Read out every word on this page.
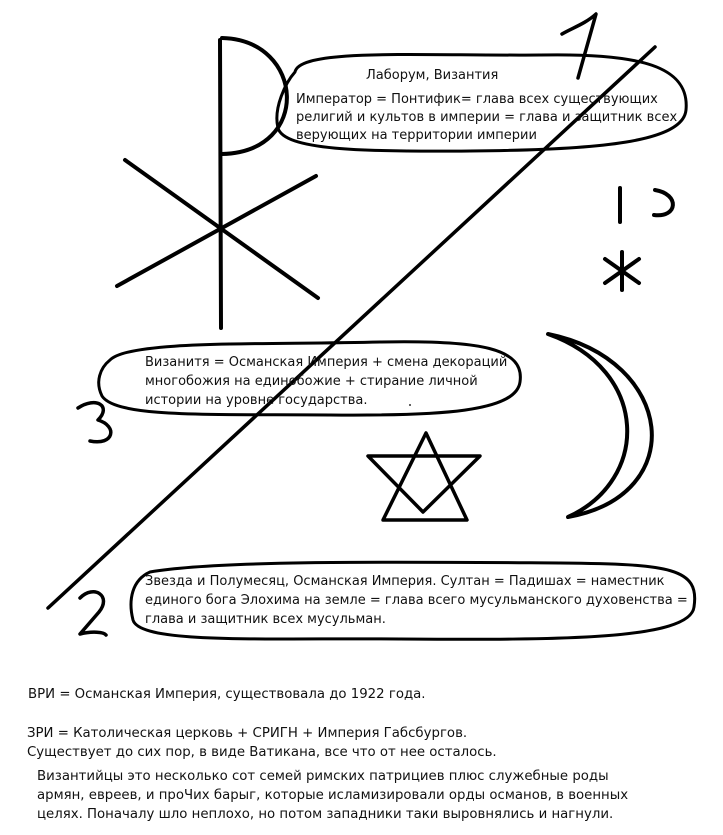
Лаборум, Византия
Император = Понтифик= глава всех существующих
религий и культов в империи = глава и защитник всех
верующих на территории империи
Визанитя = Османская Империя + смена декораций
многобожия на единобожие + стирание личной
истории на уровне государства.
Звезда и Полумесяц, Османская Империя. Султан = Падишах = наместник
единого бога Элохима на земле = глава всего мусульманского духовенства =
глава и защитник всех мусульман.
ВРИ = Османская Империя, существовала до 1922 года.
ЗРИ = Католическая церковь + СРИГН + Империя Габсбургов.
Существует до сих пор, в виде Ватикана, все что от нее осталось.
Византийцы это несколько сот семей римских патрициев плюс служебные роды
армян, евреев, и проЧих барыг, которые исламизировали орды османов, в военных
целях. Поначалу шло неплохо, но потом западники таки выровнялись и нагнули.
